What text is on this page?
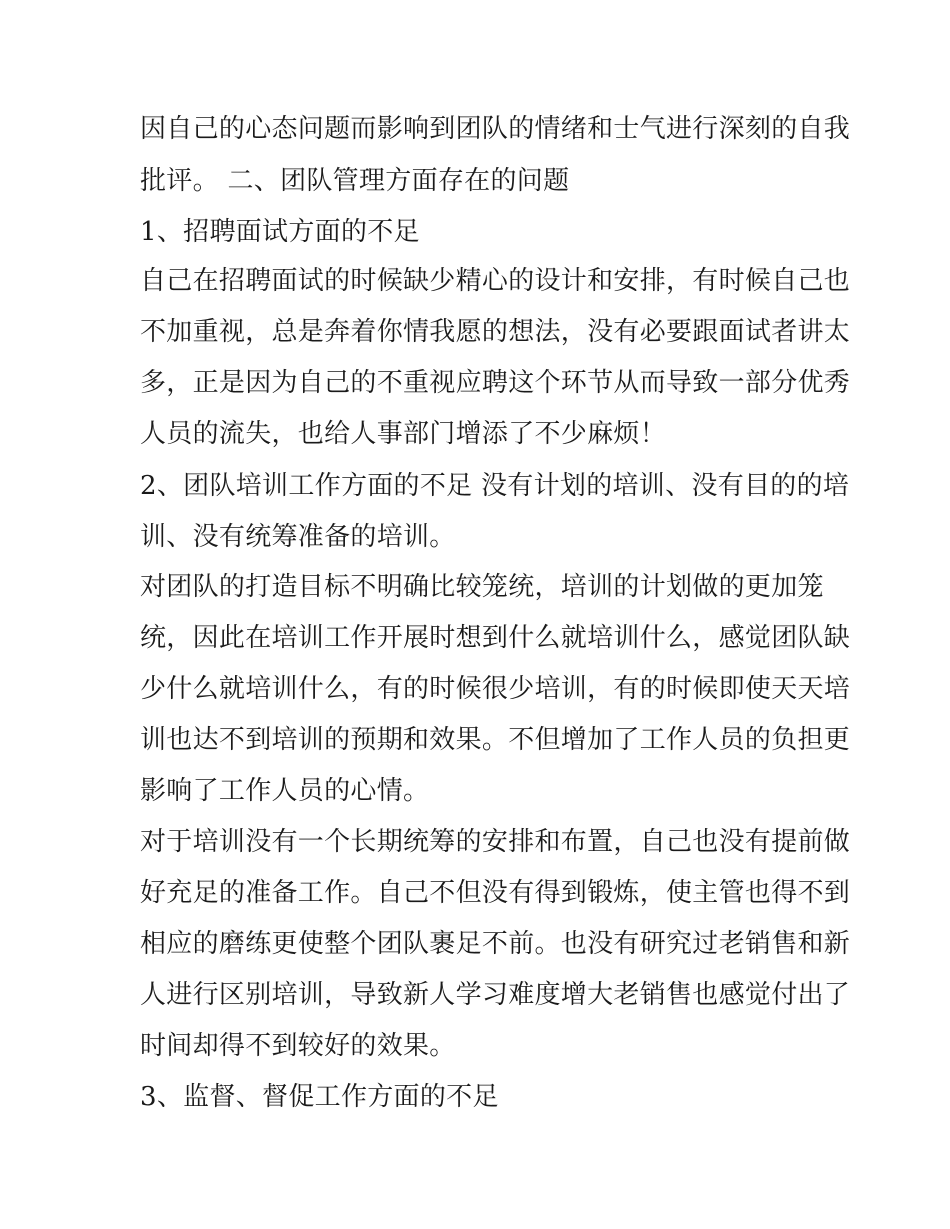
因自己的心态问题而影响到团队的情绪和士气进行深刻的自我
批评。 二、团队管理方面存在的问题
1、招聘面试方面的不足
自己在招聘面试的时候缺少精心的设计和安排，有时候自己也
不加重视，总是奔着你情我愿的想法，没有必要跟面试者讲太
多，正是因为自己的不重视应聘这个环节从而导致一部分优秀
人员的流失，也给人事部门增添了不少麻烦！
2、团队培训工作方面的不足 没有计划的培训、没有目的的培
训、没有统筹准备的培训。
对团队的打造目标不明确比较笼统，培训的计划做的更加笼
统，因此在培训工作开展时想到什么就培训什么，感觉团队缺
少什么就培训什么，有的时候很少培训，有的时候即使天天培
训也达不到培训的预期和效果。不但增加了工作人员的负担更
影响了工作人员的心情。
对于培训没有一个长期统筹的安排和布置，自己也没有提前做
好充足的准备工作。自己不但没有得到锻炼，使主管也得不到
相应的磨练更使整个团队裹足不前。也没有研究过老销售和新
人进行区别培训，导致新人学习难度增大老销售也感觉付出了
时间却得不到较好的效果。
3、监督、督促工作方面的不足
